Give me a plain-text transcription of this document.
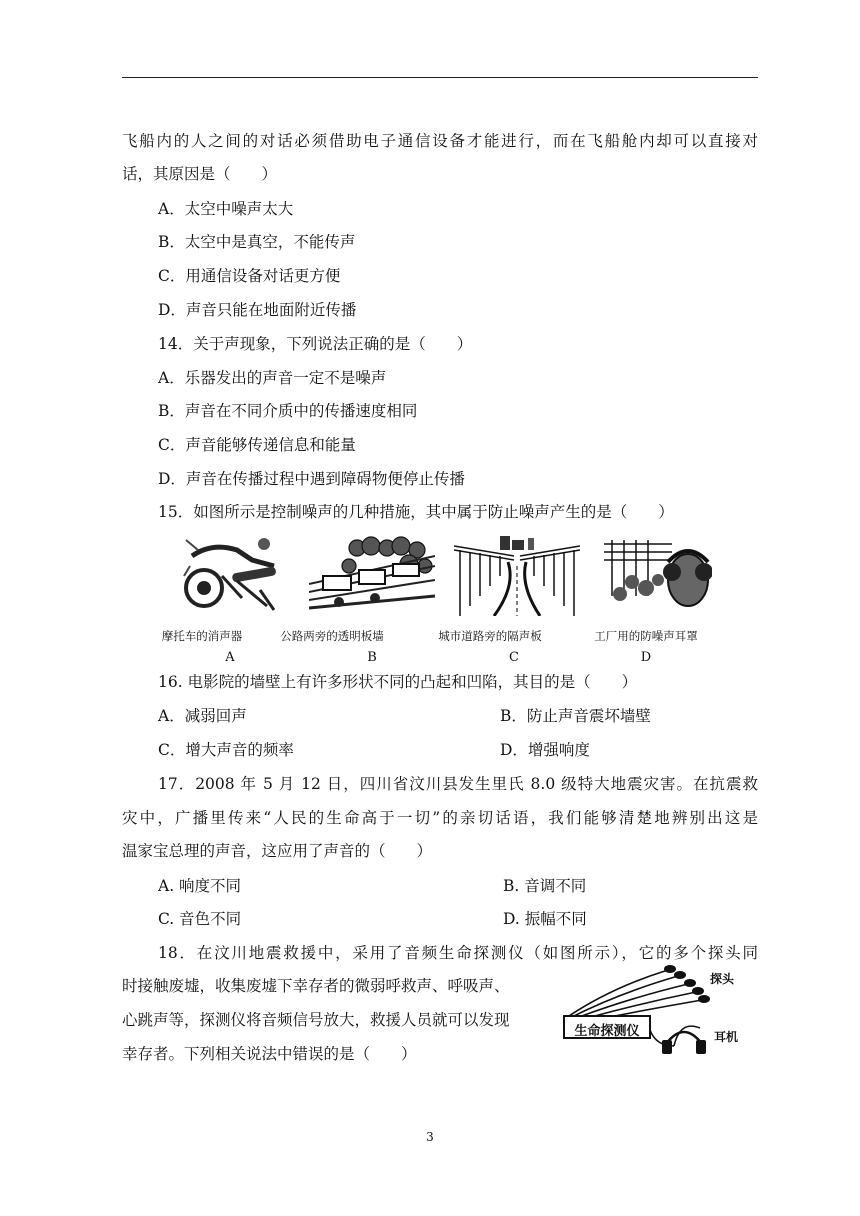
飞船内的人之间的对话必须借助电子通信设备才能进行，而在飞船舱内却可以直接对
话，其原因是（　　）
A．太空中噪声太大
B．太空中是真空，不能传声
C．用通信设备对话更方便
D．声音只能在地面附近传播
14．关于声现象，下列说法正确的是（　　）
A．乐器发出的声音一定不是噪声
B．声音在不同介质中的传播速度相同
C．声音能够传递信息和能量
D．声音在传播过程中遇到障碍物便停止传播
15．如图所示是控制噪声的几种措施，其中属于防止噪声产生的是（　　）
摩托车的消声器	公路两旁的透明板墙	城市道路旁的隔声板	工厂用的防噪声耳罩
A	B	C	D
16. 电影院的墙壁上有许多形状不同的凸起和凹陷，其目的是（　　）
A．减弱回声	B．防止声音震坏墙壁
C．增大声音的频率	D．增强响度
17．2008 年 5 月 12 日，四川省汶川县发生里氏 8.0 级特大地震灾害。在抗震救
灾中，广播里传来“人民的生命高于一切”的亲切话语，我们能够清楚地辨别出这是
温家宝总理的声音，这应用了声音的（　　）
A. 响度不同	B. 音调不同
C. 音色不同	D. 振幅不同
18．在汶川地震救援中，采用了音频生命探测仪（如图所示），它的多个探头同
时接触废墟，收集废墟下幸存者的微弱呼救声、呼吸声、
心跳声等，探测仪将音频信号放大，救援人员就可以发现
幸存者。下列相关说法中错误的是（　　）
生命探测仪
探头
耳机
3
